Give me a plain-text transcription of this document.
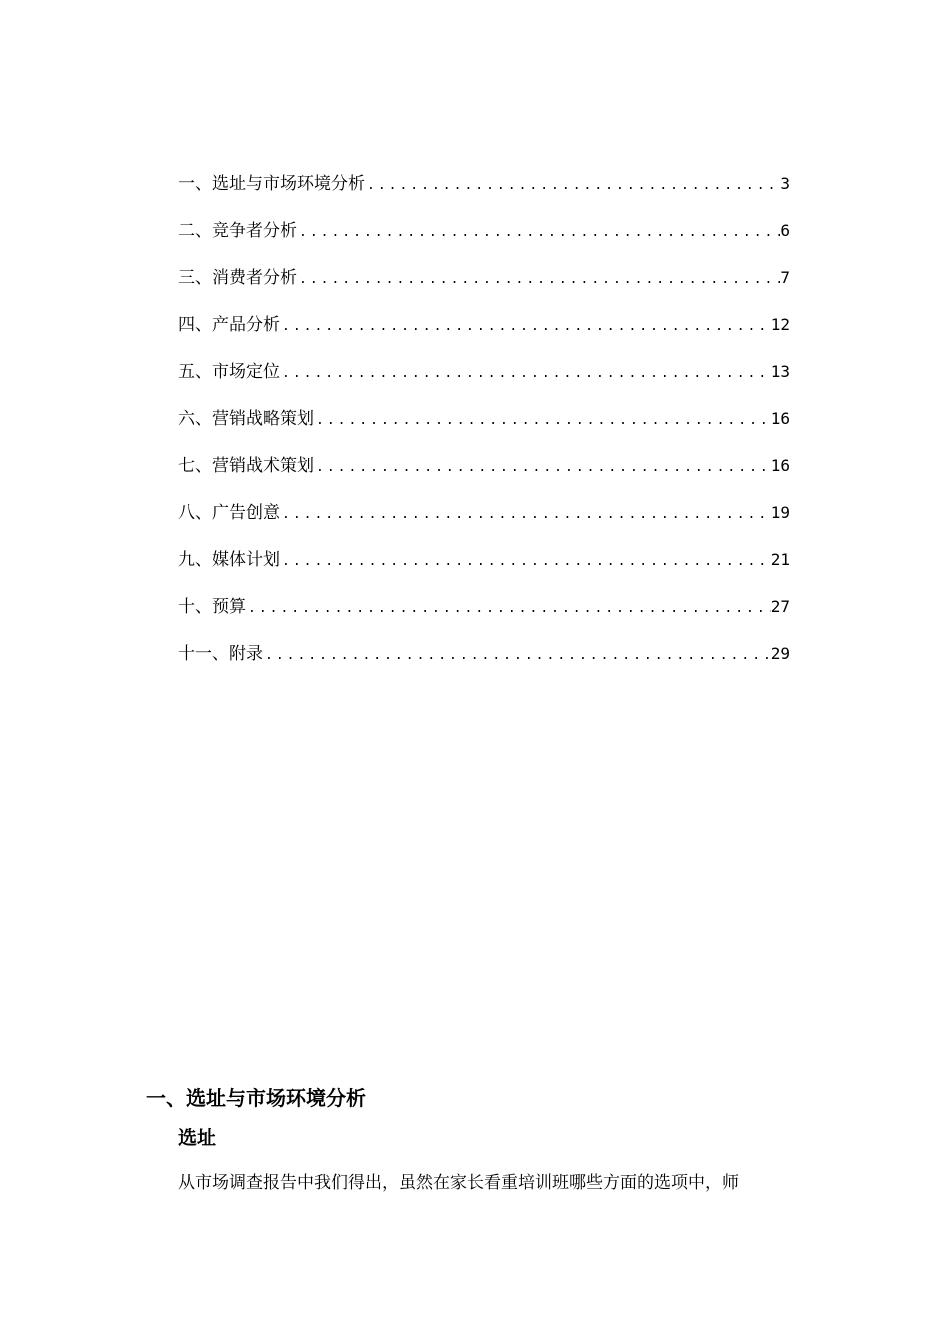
一、选址与市场环境分析 .....	3
二、竞争者分析 .....	6
三、消费者分析 .....	7
四、产品分析 .....	12
五、市场定位 .....	13
六、营销战略策划 .....	16
七、营销战术策划 .....	16
八、广告创意 .....	19
九、媒体计划 .....	21
十、预算 .....	27
十一、附录 .....	29
一、选址与市场环境分析
选址
从市场调查报告中我们得出，虽然在家长看重培训班哪些方面的选项中，师
